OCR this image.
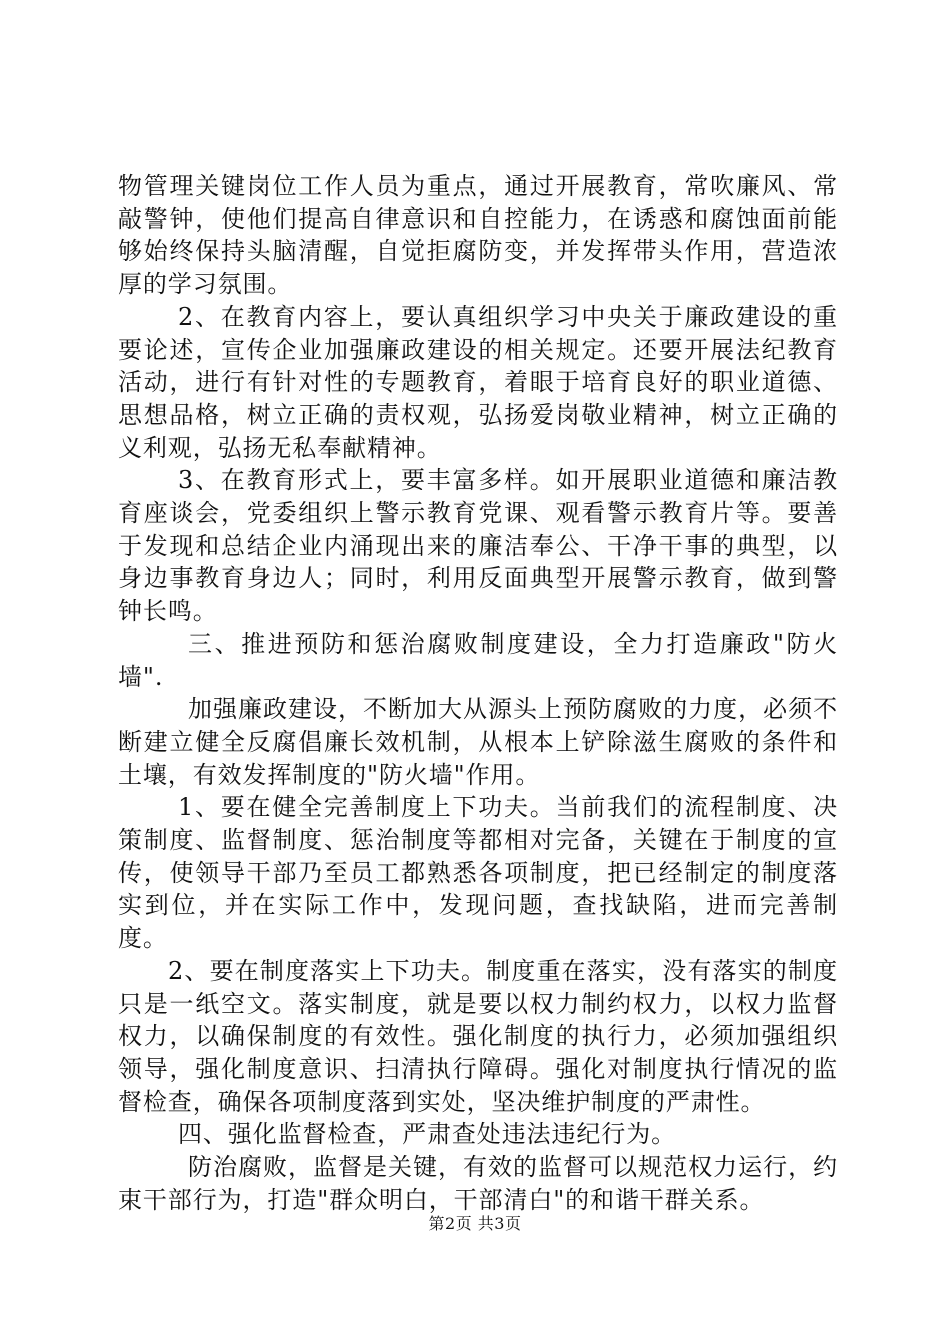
物管理关键岗位工作人员为重点，通过开展教育，常吹廉风、常敲警钟，使他们提高自律意识和自控能力，在诱惑和腐蚀面前能够始终保持头脑清醒，自觉拒腐防变，并发挥带头作用，营造浓厚的学习氛围。

2、在教育内容上，要认真组织学习中央关于廉政建设的重要论述，宣传企业加强廉政建设的相关规定。还要开展法纪教育活动，进行有针对性的专题教育，着眼于培育良好的职业道德、思想品格，树立正确的责权观，弘扬爱岗敬业精神，树立正确的义利观，弘扬无私奉献精神。

3、在教育形式上，要丰富多样。如开展职业道德和廉洁教育座谈会，党委组织上警示教育党课、观看警示教育片等。要善于发现和总结企业内涌现出来的廉洁奉公、干净干事的典型，以身边事教育身边人；同时，利用反面典型开展警示教育，做到警钟长鸣。

三、推进预防和惩治腐败制度建设，全力打造廉政"防火墙".

加强廉政建设，不断加大从源头上预防腐败的力度，必须不断建立健全反腐倡廉长效机制，从根本上铲除滋生腐败的条件和土壤，有效发挥制度的"防火墙"作用。

1、要在健全完善制度上下功夫。当前我们的流程制度、决策制度、监督制度、惩治制度等都相对完备，关键在于制度的宣传，使领导干部乃至员工都熟悉各项制度，把已经制定的制度落实到位，并在实际工作中，发现问题，查找缺陷，进而完善制度。

2、要在制度落实上下功夫。制度重在落实，没有落实的制度只是一纸空文。落实制度，就是要以权力制约权力，以权力监督权力，以确保制度的有效性。强化制度的执行力，必须加强组织领导，强化制度意识、扫清执行障碍。强化对制度执行情况的监督检查，确保各项制度落到实处，坚决维护制度的严肃性。

四、强化监督检查，严肃查处违法违纪行为。

防治腐败，监督是关键，有效的监督可以规范权力运行，约束干部行为，打造"群众明白，干部清白"的和谐干群关系。

第2页 共3页
